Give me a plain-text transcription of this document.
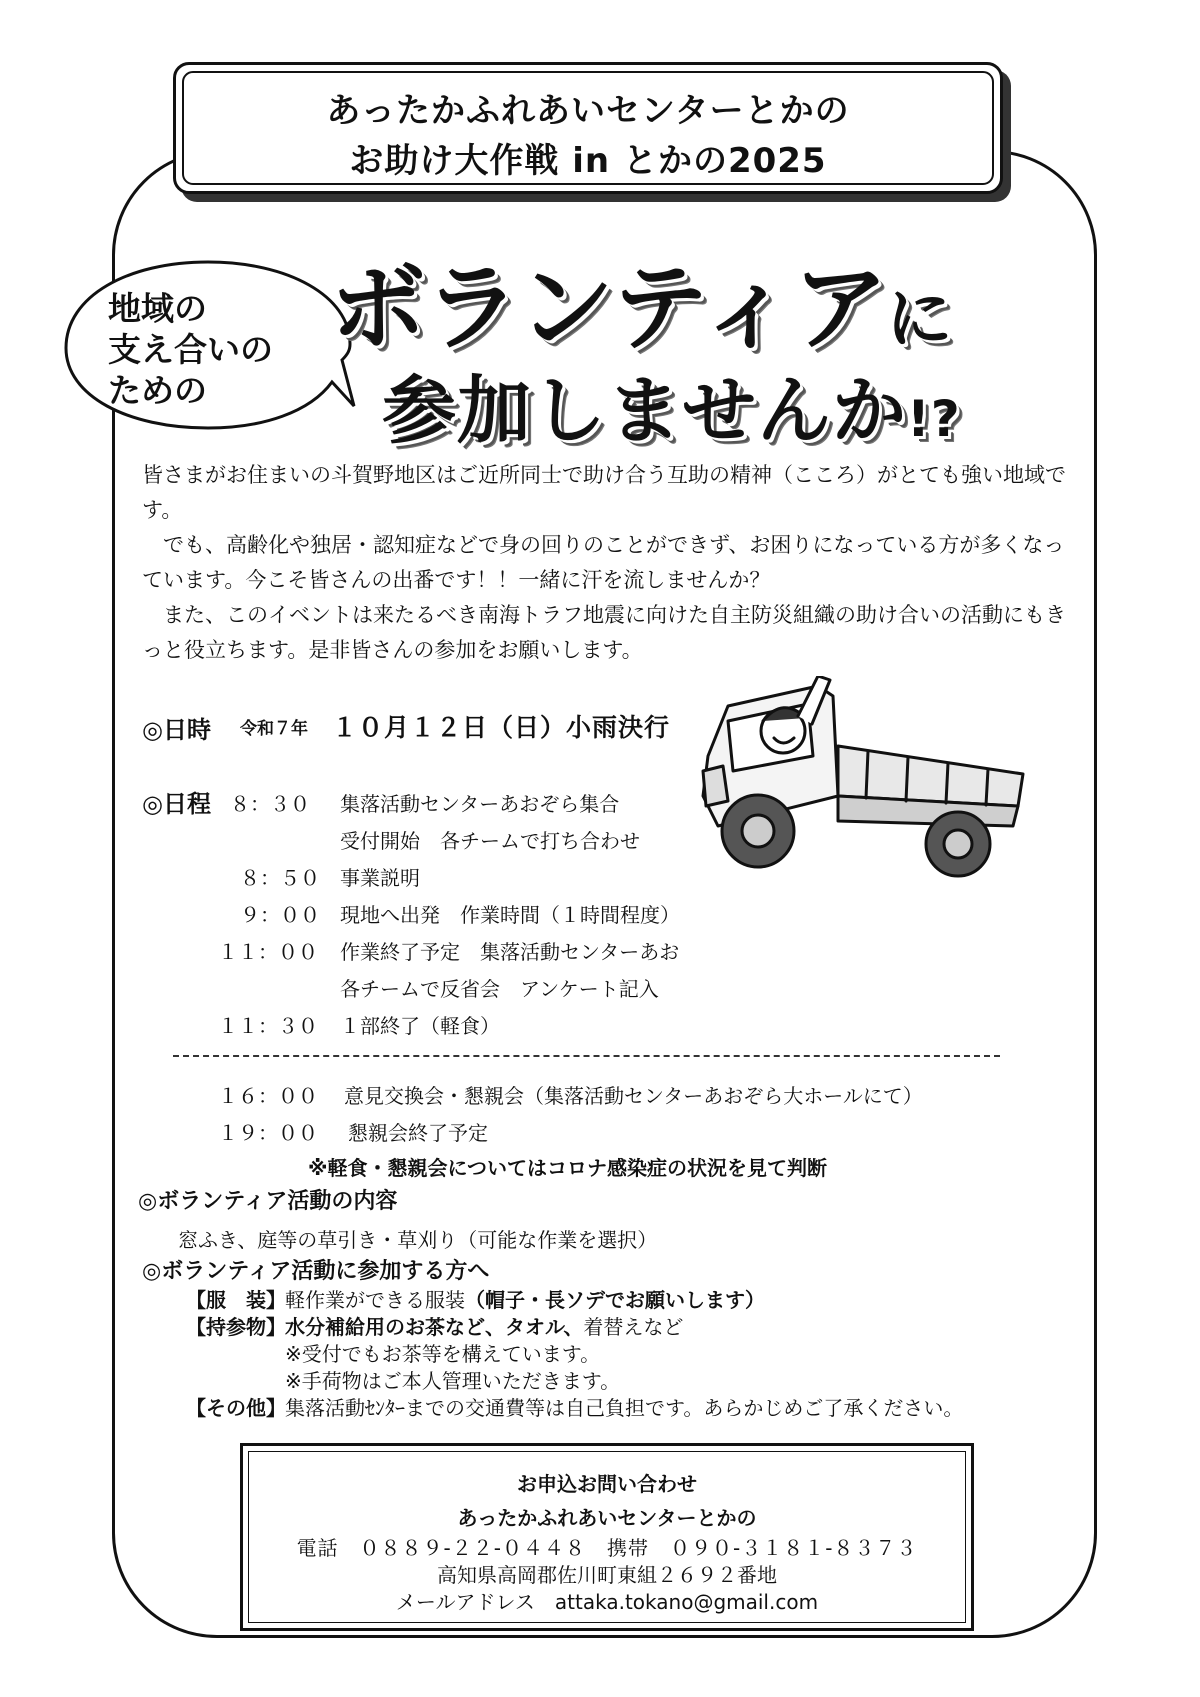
あったかふれあいセンターとかの
お助け大作戦 in とかの2025
地域の
支え合いの
ための
ボランティアに
参加しませんか!?
皆さまがお住まいの斗賀野地区はご近所同士で助け合う互助の精神（こころ）がとても強い地域です。
　でも、高齢化や独居・認知症などで身の回りのことができず、お困りになっている方が多くなっています。今こそ皆さんの出番です！！一緒に汗を流しませんか？
　また、このイベントは来たるべき南海トラフ地震に向けた自主防災組織の助け合いの活動にもきっと役立ちます。是非皆さんの参加をお願いします。
◎日時 令和７年 １０月１２日（日）小雨決行
◎日程 ８：３０ 集落活動センターあおぞら集合
受付開始　各チームで打ち合わせ
８：５０ 事業説明
９：００ 現地へ出発　作業時間（１時間程度）
１１：００ 作業終了予定　集落活動センターあお
各チームで反省会　アンケート記入
１１：３０ １部終了（軽食）
１６：００ 意見交換会・懇親会（集落活動センターあおぞら大ホールにて）
１９：００ 懇親会終了予定
※軽食・懇親会についてはコロナ感染症の状況を見て判断
◎ボランティア活動の内容
窓ふき、庭等の草引き・草刈り（可能な作業を選択）
◎ボランティア活動に参加する方へ
【服　装】 軽作業ができる服装（帽子・長ソデでお願いします）
【持参物】 水分補給用のお茶など、タオル、着替えなど
※受付でもお茶等を構えています。
※手荷物はご本人管理いただきます。
【その他】 集落活動ｾﾝﾀｰまでの交通費等は自己負担です。あらかじめご了承ください。
お申込お問い合わせ
あったかふれあいセンターとかの
電話　０８８９-２２-０４４８　携帯　０９０-３１８１-８３７３
高知県高岡郡佐川町東組２６９２番地
メールアドレス　 attaka.tokano@gmail.com
